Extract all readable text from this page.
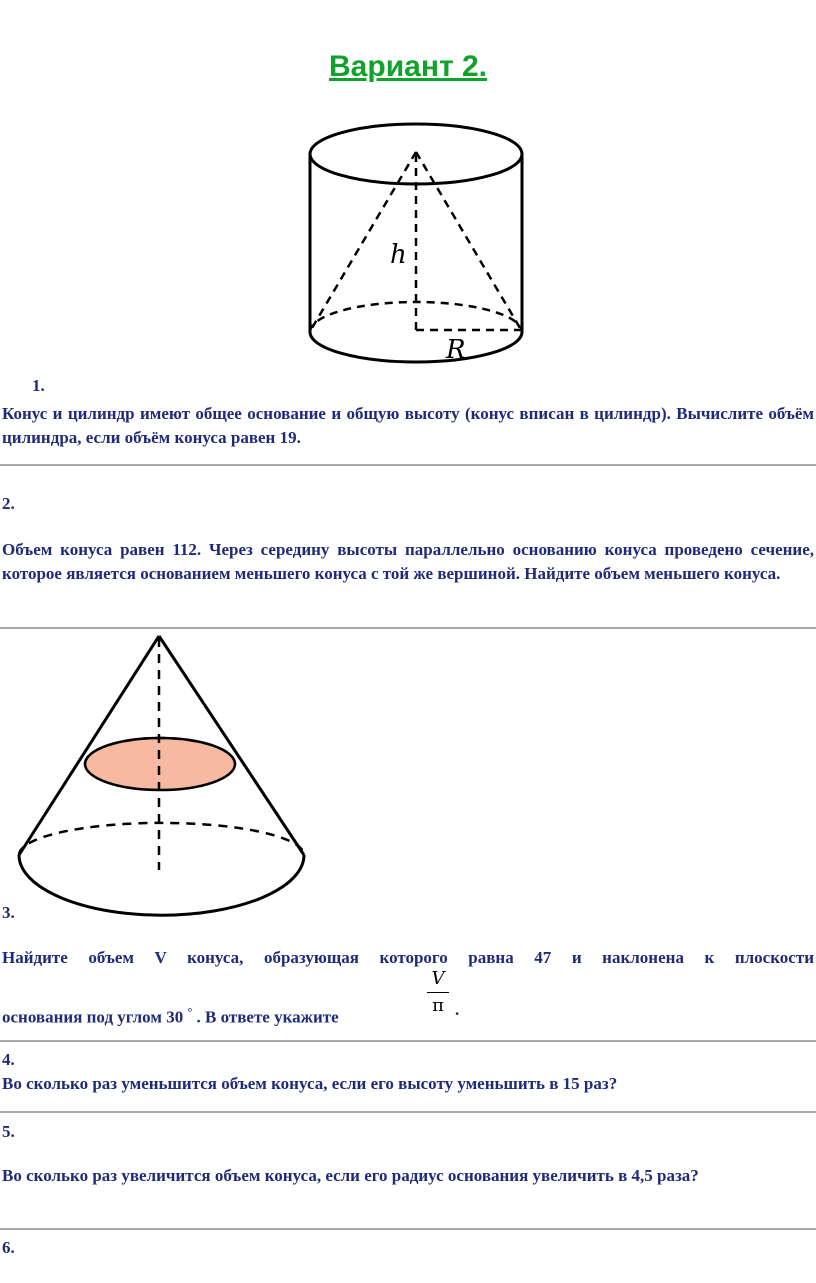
Вариант 2.
h
R
1.
Конус и цилиндр имеют общее основание и общую высоту (конус вписан в цилиндр). Вычислите объём цилиндра, если объём конуса равен 19.
2.
Объем конуса равен 112. Через середину высоты параллельно основанию конуса проведено сечение, которое является основанием меньшего конуса с той же вершиной. Найдите объем меньшего конуса.
3.
Найдите объем V конуса, образующая которого равна 47 и наклонена к плоскости
основания под углом 30 ° . В ответе укажите
V
π .
4.
Во сколько раз уменьшится объем конуса, если его высоту уменьшить в 15 раз?
5.
Во сколько раз увеличится объем конуса, если его радиус основания увеличить в 4,5 раза?
6.
